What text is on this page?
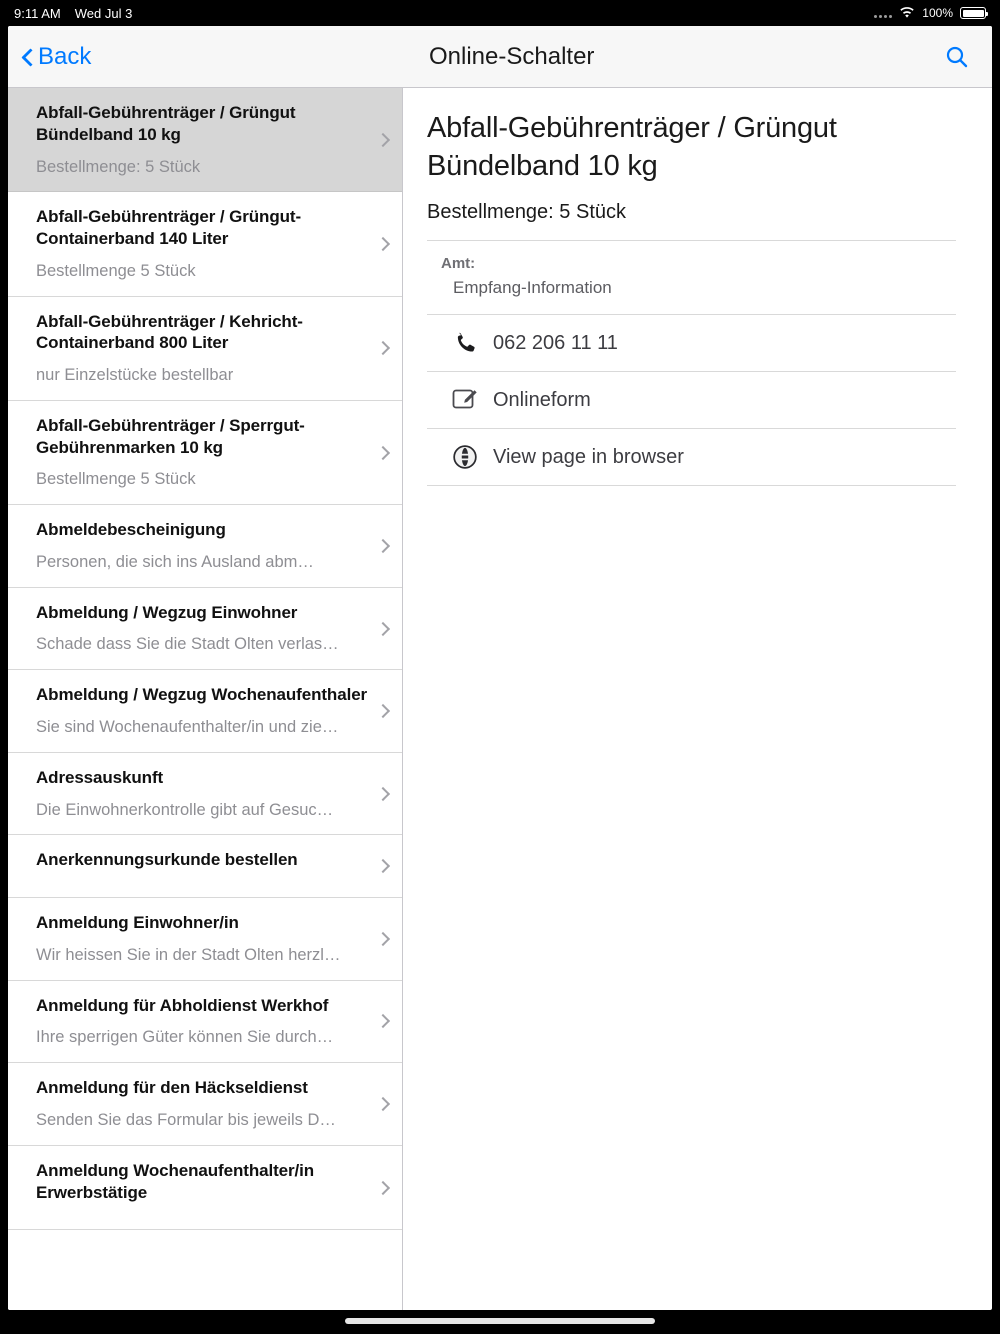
9:11 AM Wed Jul 3	100%
Back	Online-Schalter
Abfall-Gebührenträger / Grüngut Bündelband 10 kg
Bestellmenge: 5 Stück
Abfall-Gebührenträger / Grüngut-Containerband 140 Liter
Bestellmenge 5 Stück
Abfall-Gebührenträger / Kehricht-Containerband 800 Liter
nur Einzelstücke bestellbar
Abfall-Gebührenträger / Sperrgut-Gebührenmarken 10 kg
Bestellmenge 5 Stück
Abmeldebescheinigung
Personen, die sich ins Ausland abm…
Abmeldung / Wegzug Einwohner
Schade dass Sie die Stadt Olten verlas…
Abmeldung / Wegzug Wochenaufenthaler
Sie sind Wochenaufenthalter/in und zie…
Adressauskunft
Die Einwohnerkontrolle gibt auf Gesuc…
Anerkennungsurkunde bestellen
Anmeldung Einwohner/in
Wir heissen Sie in der Stadt Olten herzl…
Anmeldung für Abholdienst Werkhof
Ihre sperrigen Güter können Sie durch…
Anmeldung für den Häckseldienst
Senden Sie das Formular bis jeweils D…
Anmeldung Wochenaufenthalter/in Erwerbstätige
Abfall-Gebührenträger / Grüngut Bündelband 10 kg
Bestellmenge: 5 Stück
Amt:
Empfang-Information
062 206 11 11
Onlineform
View page in browser
